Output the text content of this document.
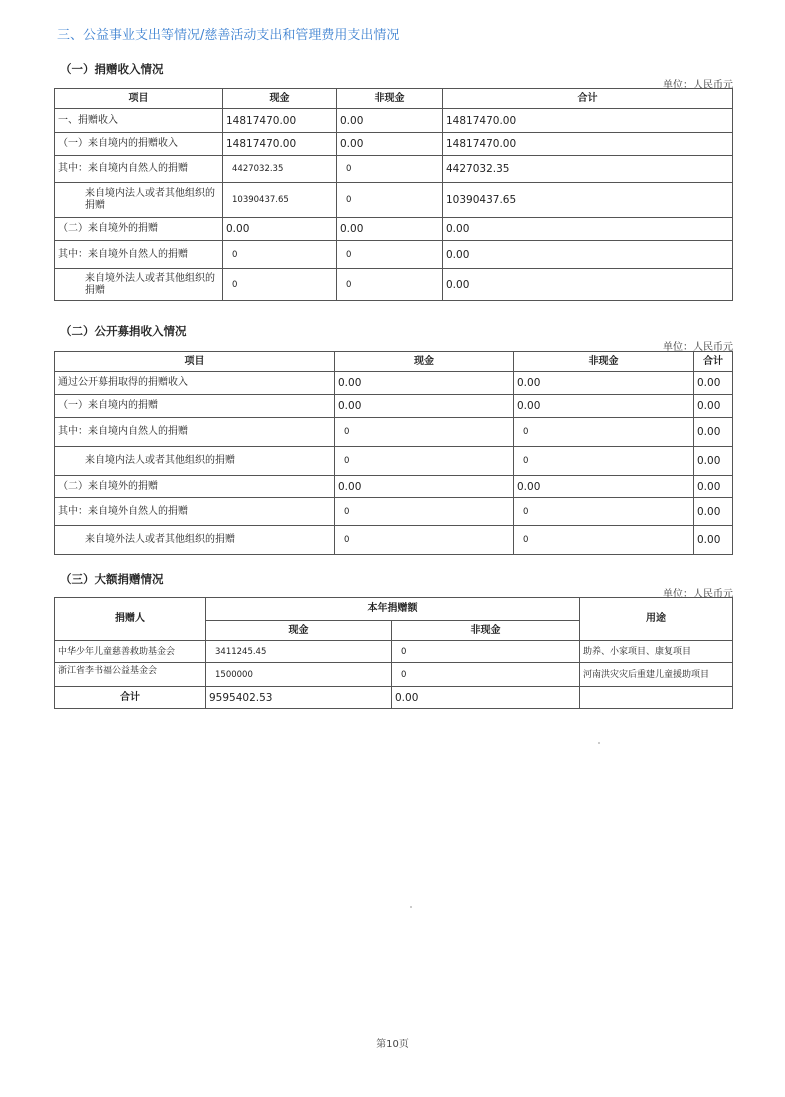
三、公益事业支出等情况/慈善活动支出和管理费用支出情况
（一）捐赠收入情况
单位：人民币元
项目	现金	非现金	合计
一、捐赠收入	14817470.00	0.00	14817470.00
（一）来自境内的捐赠收入	14817470.00	0.00	14817470.00
其中：来自境内自然人的捐赠	4427032.35	0	4427032.35
来自境内法人或者其他组织的捐赠	10390437.65	0	10390437.65
（二）来自境外的捐赠	0.00	0.00	0.00
其中：来自境外自然人的捐赠	0	0	0.00
来自境外法人或者其他组织的捐赠	0	0	0.00
（二）公开募捐收入情况
单位：人民币元
项目	现金	非现金	合计
通过公开募捐取得的捐赠收入	0.00	0.00	0.00
（一）来自境内的捐赠	0.00	0.00	0.00
其中：来自境内自然人的捐赠	0	0	0.00
来自境内法人或者其他组织的捐赠	0	0	0.00
（二）来自境外的捐赠	0.00	0.00	0.00
其中：来自境外自然人的捐赠	0	0	0.00
来自境外法人或者其他组织的捐赠	0	0	0.00
（三）大额捐赠情况
单位：人民币元
捐赠人	本年捐赠额		用途
	现金	非现金	
中华少年儿童慈善救助基金会	3411245.45	0	助养、小家项目、康复项目
浙江省李书福公益基金会	1500000	0	河南洪灾灾后重建儿童援助项目
合计	9595402.53	0.00	
第10页
